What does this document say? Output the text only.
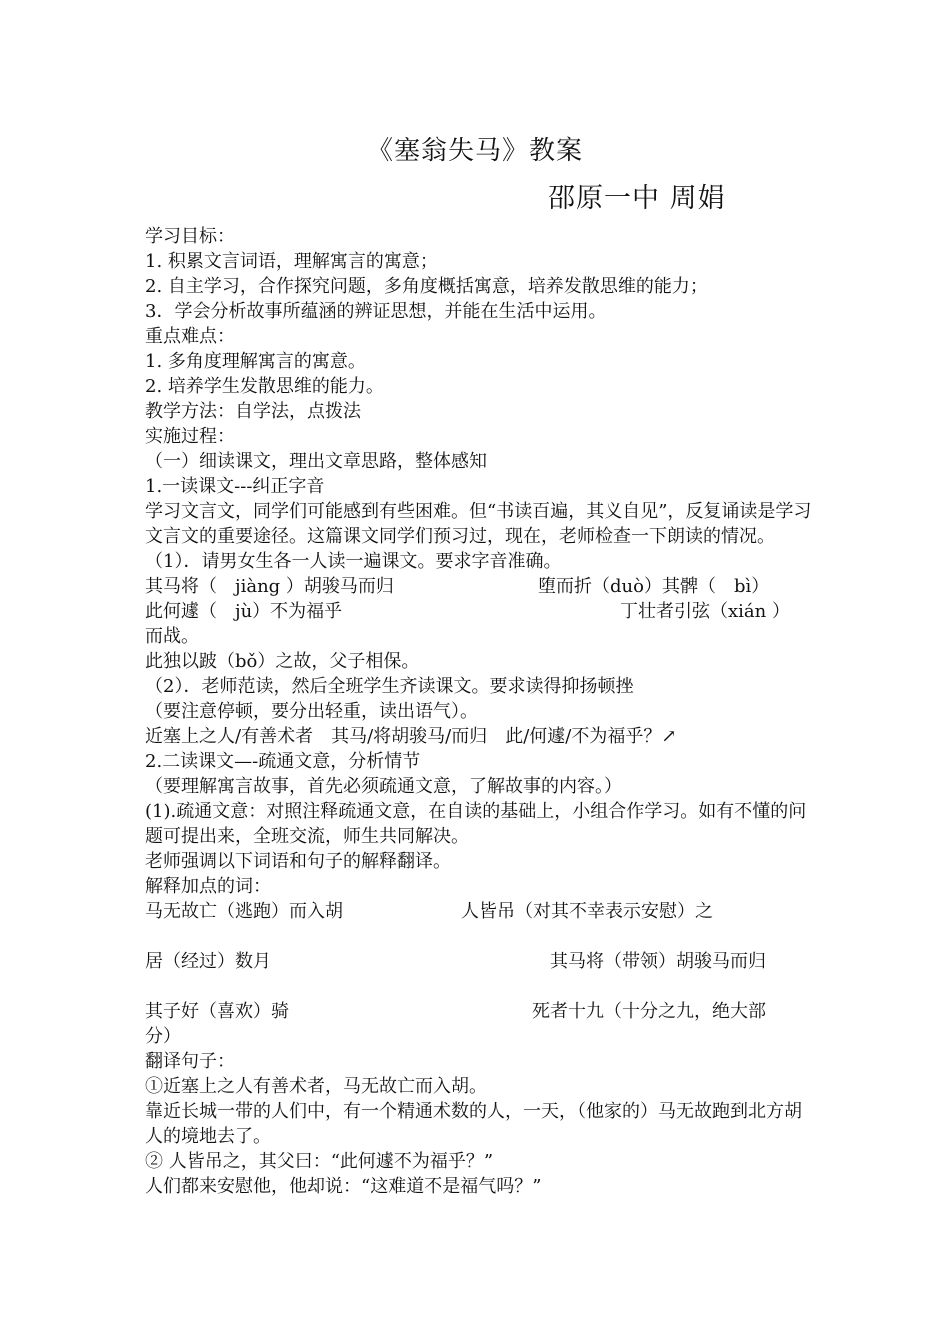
《塞翁失马》教案
邵原一中 周娟
学习目标：
1. 积累文言词语，理解寓言的寓意；
2. 自主学习，合作探究问题，多角度概括寓意，培养发散思维的能力；
3．学会分析故事所蕴涵的辨证思想，并能在生活中运用。
重点难点：
1. 多角度理解寓言的寓意。
2. 培养学生发散思维的能力。
教学方法：自学法，点拨法
实施过程：
（一）细读课文，理出文章思路，整体感知
1.一读课文---纠正字音
学习文言文，同学们可能感到有些困难。但“书读百遍，其义自见”，反复诵读是学习文言文的重要途径。这篇课文同学们预习过，现在，老师检查一下朗读的情况。
（1）．请男女生各一人读一遍课文。要求字音准确。
其马将（　jiàng ）胡骏马而归	堕而折（duò）其髀（　bì）
此何遽（　jù）不为福乎	丁壮者引弦（xián ）
而战。
此独以跛（bǒ）之故，父子相保。
（2）．老师范读，然后全班学生齐读课文。要求读得抑扬顿挫
（要注意停顿，要分出轻重，读出语气）。
近塞上之人/有善术者　其马/将胡骏马/而归　此/何遽/不为福乎？↗
2.二读课文—-疏通文意，分析情节
（要理解寓言故事，首先必须疏通文意，了解故事的内容。）
(1).疏通文意：对照注释疏通文意，在自读的基础上，小组合作学习。如有不懂的问题可提出来，全班交流，师生共同解决。
老师强调以下词语和句子的解释翻译。
解释加点的词：
马无故亡（逃跑）而入胡	人皆吊（对其不幸表示安慰）之
居（经过）数月	其马将（带领）胡骏马而归
其子好（喜欢）骑	死者十九（十分之九，绝大部
分）
翻译句子：
①近塞上之人有善术者，马无故亡而入胡。
靠近长城一带的人们中，有一个精通术数的人，一天，（他家的）马无故跑到北方胡人的境地去了。
② 人皆吊之，其父曰：“此何遽不为福乎？”
人们都来安慰他，他却说：“这难道不是福气吗？”
